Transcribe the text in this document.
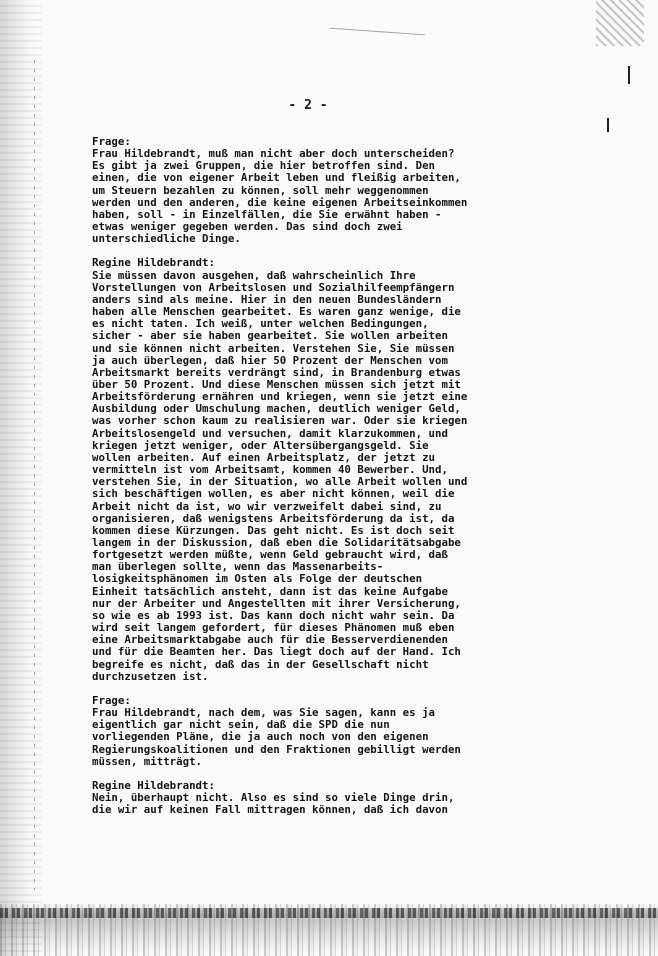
- 2 -
Frage:
Frau Hildebrandt, muß man nicht aber doch unterscheiden?
Es gibt ja zwei Gruppen, die hier betroffen sind. Den
einen, die von eigener Arbeit leben und fleißig arbeiten,
um Steuern bezahlen zu können, soll mehr weggenommen
werden und den anderen, die keine eigenen Arbeitseinkommen
haben, soll - in Einzelfällen, die Sie erwähnt haben -
etwas weniger gegeben werden. Das sind doch zwei
unterschiedliche Dinge.
Regine Hildebrandt:
Sie müssen davon ausgehen, daß wahrscheinlich Ihre
Vorstellungen von Arbeitslosen und Sozialhilfeempfängern
anders sind als meine. Hier in den neuen Bundesländern
haben alle Menschen gearbeitet. Es waren ganz wenige, die
es nicht taten. Ich weiß, unter welchen Bedingungen,
sicher - aber sie haben gearbeitet. Sie wollen arbeiten
und sie können nicht arbeiten. Verstehen Sie, Sie müssen
ja auch überlegen, daß hier 50 Prozent der Menschen vom
Arbeitsmarkt bereits verdrängt sind, in Brandenburg etwas
über 50 Prozent. Und diese Menschen müssen sich jetzt mit
Arbeitsförderung ernähren und kriegen, wenn sie jetzt eine
Ausbildung oder Umschulung machen, deutlich weniger Geld,
was vorher schon kaum zu realisieren war. Oder sie kriegen
Arbeitslosengeld und versuchen, damit klarzukommen, und
kriegen jetzt weniger, oder Altersübergangsgeld. Sie
wollen arbeiten. Auf einen Arbeitsplatz, der jetzt zu
vermitteln ist vom Arbeitsamt, kommen 40 Bewerber. Und,
verstehen Sie, in der Situation, wo alle Arbeit wollen und
sich beschäftigen wollen, es aber nicht können, weil die
Arbeit nicht da ist, wo wir verzweifelt dabei sind, zu
organisieren, daß wenigstens Arbeitsförderung da ist, da
kommen diese Kürzungen. Das geht nicht. Es ist doch seit
langem in der Diskussion, daß eben die Solidaritätsabgabe
fortgesetzt werden müßte, wenn Geld gebraucht wird, daß
man überlegen sollte, wenn das Massenarbeits-
losigkeitsphänomen im Osten als Folge der deutschen
Einheit tatsächlich ansteht, dann ist das keine Aufgabe
nur der Arbeiter und Angestellten mit ihrer Versicherung,
so wie es ab 1993 ist. Das kann doch nicht wahr sein. Da
wird seit langem gefordert, für dieses Phänomen muß eben
eine Arbeitsmarktabgabe auch für die Besserverdienenden
und für die Beamten her. Das liegt doch auf der Hand. Ich
begreife es nicht, daß das in der Gesellschaft nicht
durchzusetzen ist.
Frage:
Frau Hildebrandt, nach dem, was Sie sagen, kann es ja
eigentlich gar nicht sein, daß die SPD die nun
vorliegenden Pläne, die ja auch noch von den eigenen
Regierungskoalitionen und den Fraktionen gebilligt werden
müssen, mitträgt.
Regine Hildebrandt:
Nein, überhaupt nicht. Also es sind so viele Dinge drin,
die wir auf keinen Fall mittragen können, daß ich davon
